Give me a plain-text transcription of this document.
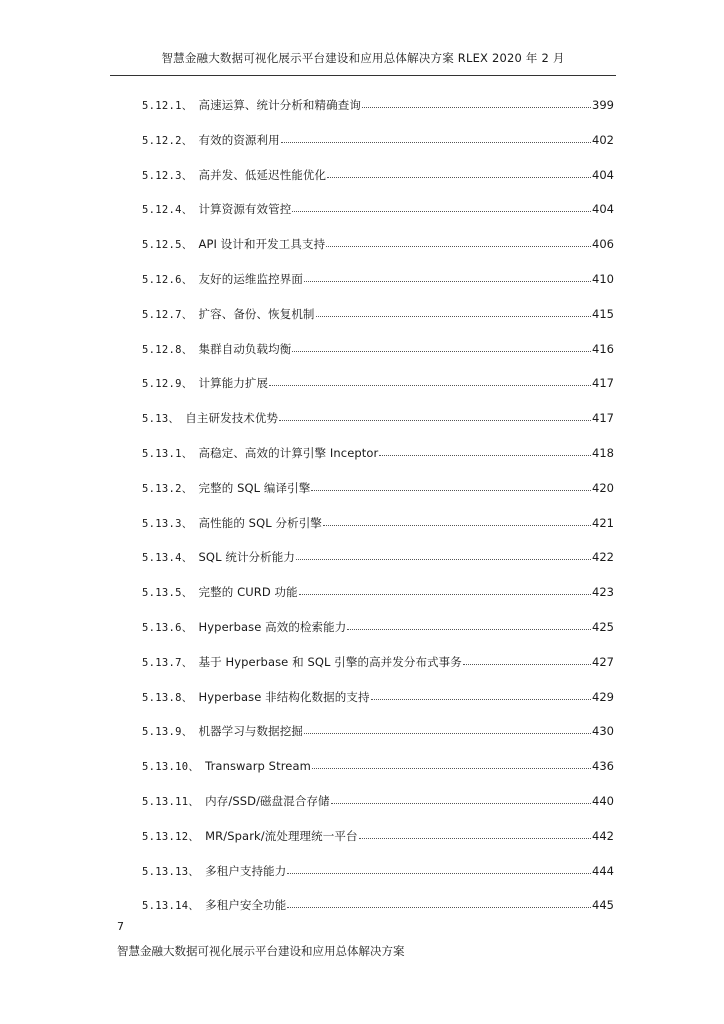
智慧金融大数据可视化展示平台建设和应用总体解决方案 RLEX 2020 年 2 月
5.12.1、 高速运算、统计分析和精确查询	399
5.12.2、 有效的资源利用	402
5.12.3、 高并发、低延迟性能优化	404
5.12.4、 计算资源有效管控	404
5.12.5、 API 设计和开发工具支持	406
5.12.6、 友好的运维监控界面	410
5.12.7、 扩容、备份、恢复机制	415
5.12.8、 集群自动负载均衡	416
5.12.9、 计算能力扩展	417
5.13、 自主研发技术优势	417
5.13.1、 高稳定、高效的计算引擎 Inceptor	418
5.13.2、 完整的 SQL 编译引擎	420
5.13.3、 高性能的 SQL 分析引擎	421
5.13.4、 SQL 统计分析能力	422
5.13.5、 完整的 CURD 功能	423
5.13.6、 Hyperbase 高效的检索能力	425
5.13.7、 基于 Hyperbase 和 SQL 引擎的高并发分布式事务	427
5.13.8、 Hyperbase 非结构化数据的支持	429
5.13.9、 机器学习与数据挖掘	430
5.13.10、 Transwarp Stream	436
5.13.11、 内存/SSD/磁盘混合存储	440
5.13.12、 MR/Spark/流处理理统一平台	442
5.13.13、 多租户支持能力	444
5.13.14、 多租户安全功能	445
7
智慧金融大数据可视化展示平台建设和应用总体解决方案
